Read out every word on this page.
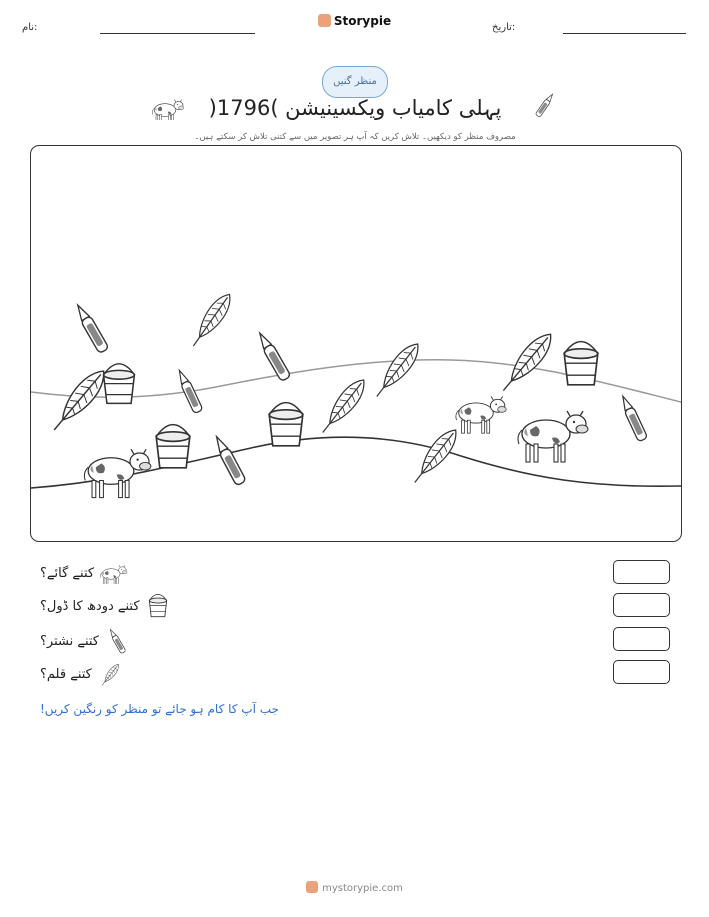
نام:	Storypie	تاریخ:
منظر گنیں
پہلی کامیاب ویکسینیشن )1796(
مصروف منظر کو دیکھیں۔ تلاش کریں کہ آپ ہر تصویر میں سے کتنی تلاش کر سکتے ہیں۔
کتنے گائے؟
کتنے دودھ کا ڈول؟
کتنے نشتر؟
کتنے قلم؟
جب آپ کا کام ہو جائے تو منظر کو رنگین کریں!
mystorypie.com
